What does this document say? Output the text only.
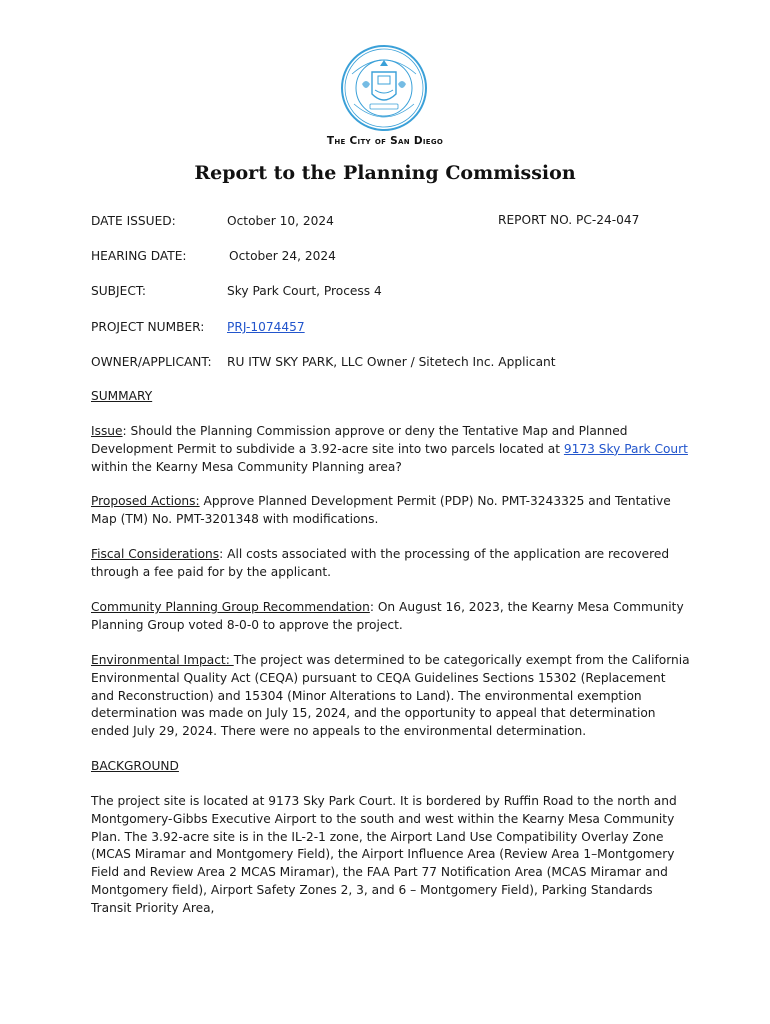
The City of San Diego
Report to the Planning Commission
DATE ISSUED:	October 10, 2024	REPORT NO. PC-24-047
HEARING DATE:	October 24, 2024
SUBJECT:	Sky Park Court, Process 4
PROJECT NUMBER: PRJ-1074457
OWNER/APPLICANT: RU ITW SKY PARK, LLC Owner / Sitetech Inc. Applicant
SUMMARY
Issue: Should the Planning Commission approve or deny the Tentative Map and Planned Development Permit to subdivide a 3.92-acre site into two parcels located at 9173 Sky Park Court within the Kearny Mesa Community Planning area?
Proposed Actions: Approve Planned Development Permit (PDP) No. PMT-3243325 and Tentative Map (TM) No. PMT-3201348 with modifications.
Fiscal Considerations: All costs associated with the processing of the application are recovered through a fee paid for by the applicant.
Community Planning Group Recommendation: On August 16, 2023, the Kearny Mesa Community Planning Group voted 8-0-0 to approve the project.
Environmental Impact: The project was determined to be categorically exempt from the California Environmental Quality Act (CEQA) pursuant to CEQA Guidelines Sections 15302 (Replacement and Reconstruction) and 15304 (Minor Alterations to Land). The environmental exemption determination was made on July 15, 2024, and the opportunity to appeal that determination ended July 29, 2024. There were no appeals to the environmental determination.
BACKGROUND
The project site is located at 9173 Sky Park Court. It is bordered by Ruffin Road to the north and Montgomery-Gibbs Executive Airport to the south and west within the Kearny Mesa Community Plan. The 3.92-acre site is in the IL-2-1 zone, the Airport Land Use Compatibility Overlay Zone (MCAS Miramar and Montgomery Field), the Airport Influence Area (Review Area 1–Montgomery Field and Review Area 2 MCAS Miramar), the FAA Part 77 Notification Area (MCAS Miramar and Montgomery field), Airport Safety Zones 2, 3, and 6 – Montgomery Field), Parking Standards Transit Priority Area,
